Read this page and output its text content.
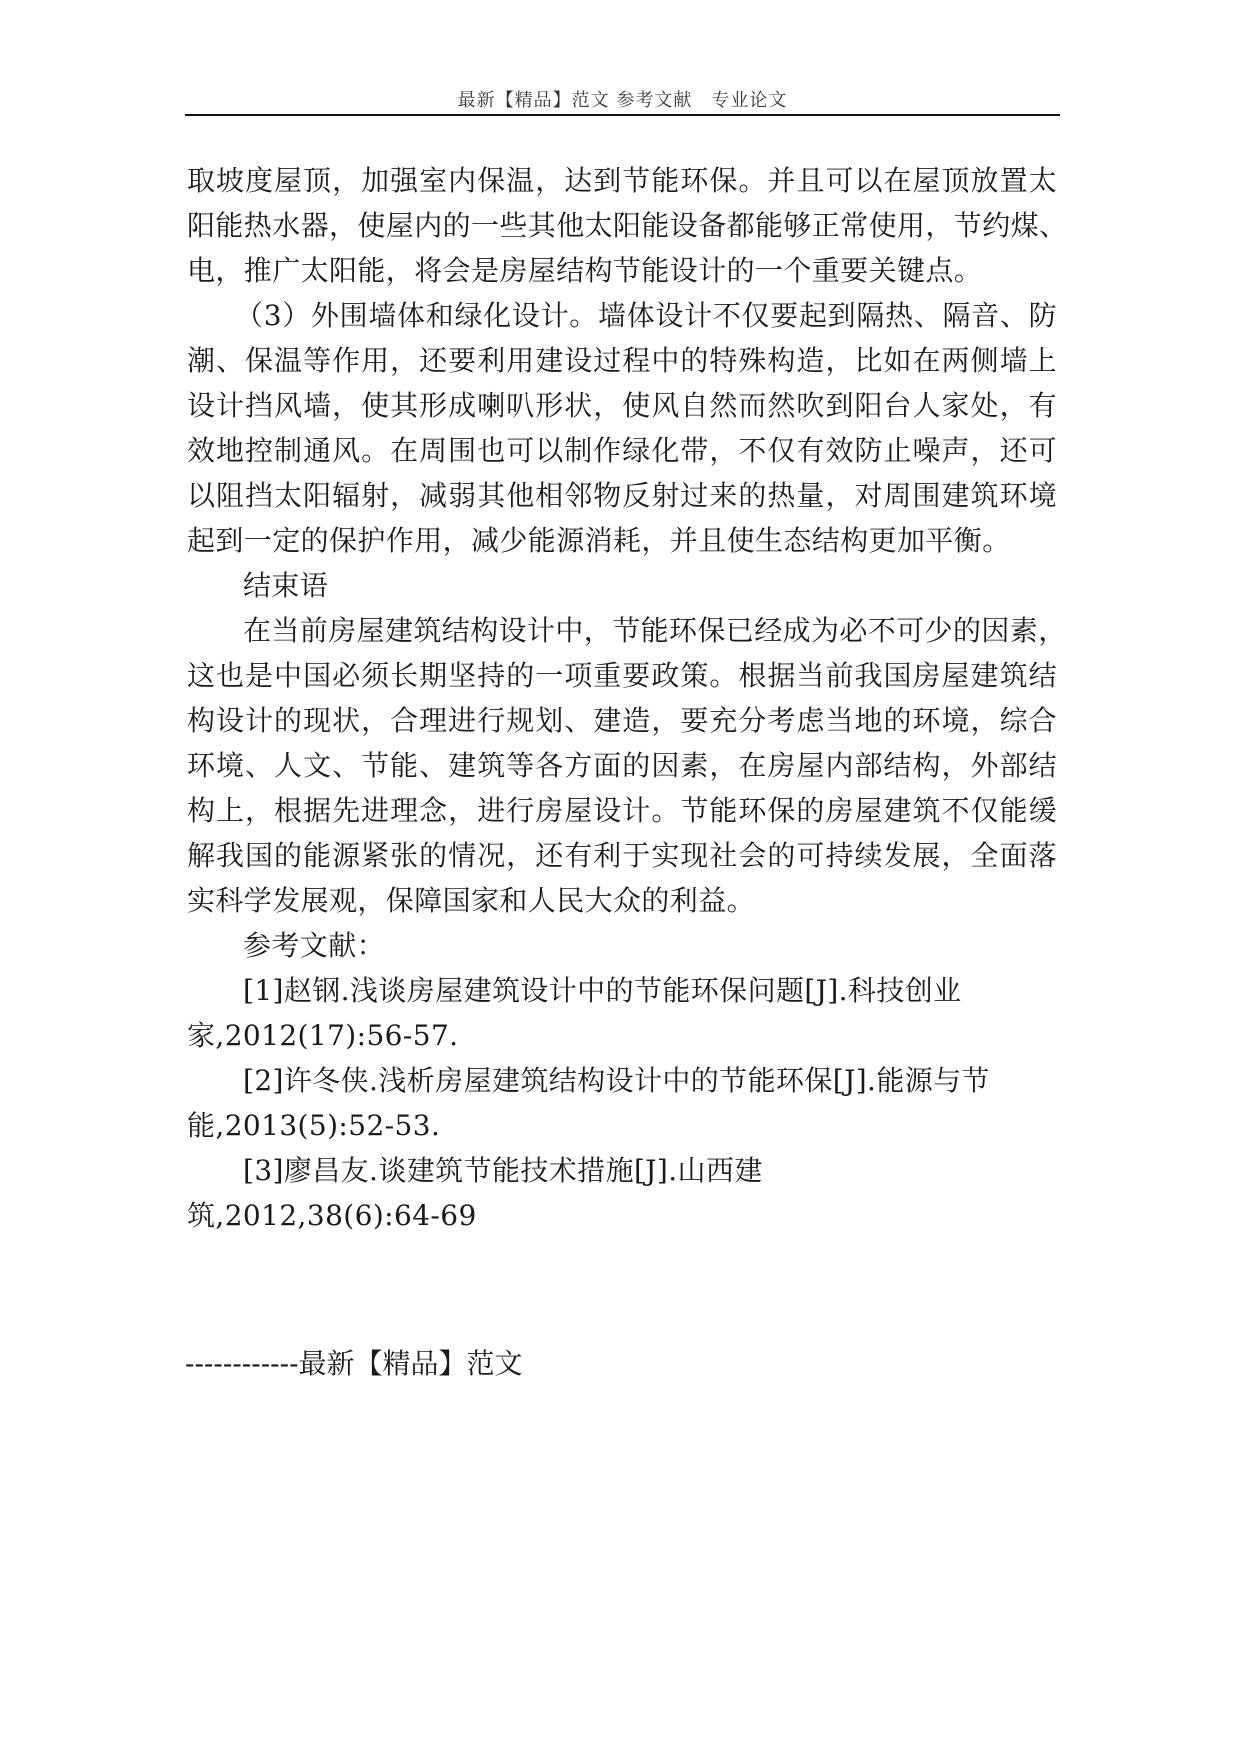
最新【精品】范文 参考文献　专业论文
取坡度屋顶，加强室内保温，达到节能环保。并且可以在屋顶放置太
阳能热水器，使屋内的一些其他太阳能设备都能够正常使用，节约煤、
电，推广太阳能，将会是房屋结构节能设计的一个重要关键点。
（3）外围墙体和绿化设计。墙体设计不仅要起到隔热、隔音、防
潮、保温等作用，还要利用建设过程中的特殊构造，比如在两侧墙上
设计挡风墙，使其形成喇叭形状，使风自然而然吹到阳台人家处，有
效地控制通风。在周围也可以制作绿化带，不仅有效防止噪声，还可
以阻挡太阳辐射，减弱其他相邻物反射过来的热量，对周围建筑环境
起到一定的保护作用，减少能源消耗，并且使生态结构更加平衡。
结束语
在当前房屋建筑结构设计中，节能环保已经成为必不可少的因素，
这也是中国必须长期坚持的一项重要政策。根据当前我国房屋建筑结
构设计的现状，合理进行规划、建造，要充分考虑当地的环境，综合
环境、人文、节能、建筑等各方面的因素，在房屋内部结构，外部结
构上，根据先进理念，进行房屋设计。节能环保的房屋建筑不仅能缓
解我国的能源紧张的情况，还有利于实现社会的可持续发展，全面落
实科学发展观，保障国家和人民大众的利益。
参考文献：
[1]赵钢.浅谈房屋建筑设计中的节能环保问题[J].科技创业
家,2012(17):56-57.
[2]许冬侠.浅析房屋建筑结构设计中的节能环保[J].能源与节
能,2013(5):52-53.
[3]廖昌友.谈建筑节能技术措施[J].山西建
筑,2012,38(6):64-69
------------最新【精品】范文
